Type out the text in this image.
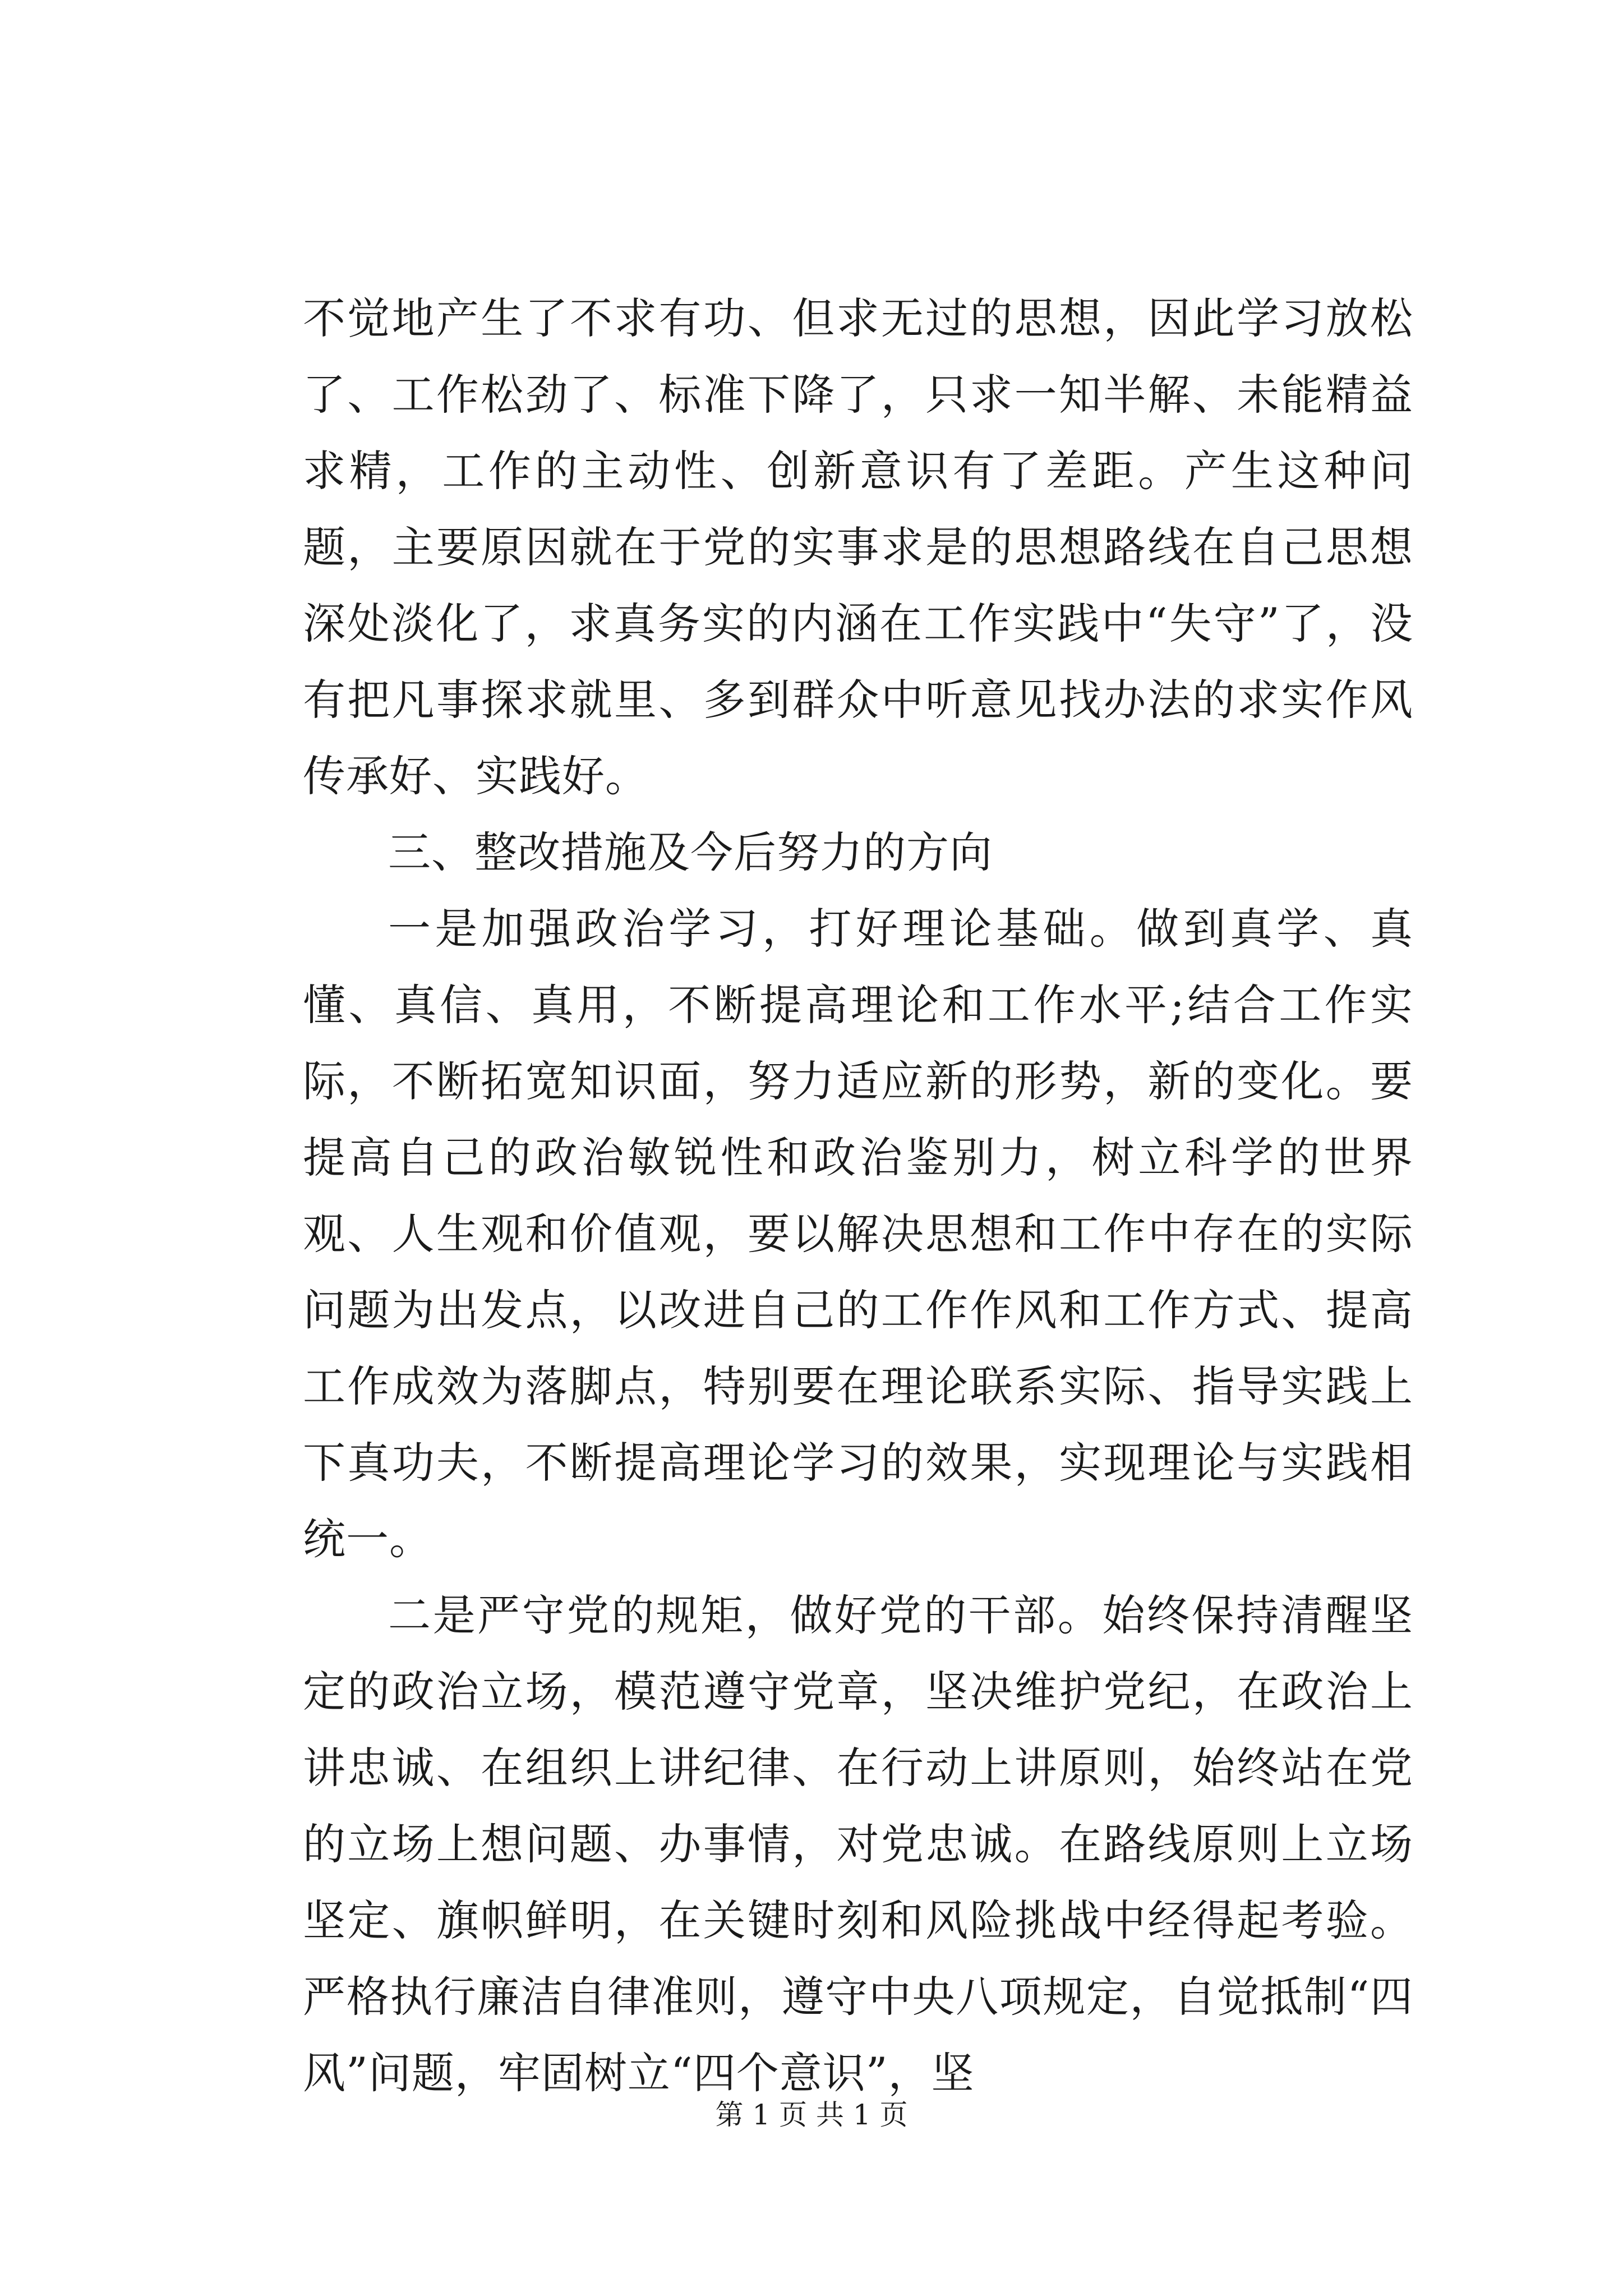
不觉地产生了不求有功、但求无过的思想，因此学习放松了、工作松劲了、标准下降了，只求一知半解、未能精益求精，工作的主动性、创新意识有了差距。产生这种问题，主要原因就在于党的实事求是的思想路线在自己思想深处淡化了，求真务实的内涵在工作实践中“失守”了，没有把凡事探求就里、多到群众中听意见找办法的求实作风传承好、实践好。

三、整改措施及今后努力的方向

一是加强政治学习，打好理论基础。做到真学、真懂、真信、真用，不断提高理论和工作水平;结合工作实际，不断拓宽知识面，努力适应新的形势，新的变化。要提高自己的政治敏锐性和政治鉴别力，树立科学的世界观、人生观和价值观，要以解决思想和工作中存在的实际问题为出发点，以改进自己的工作作风和工作方式、提高工作成效为落脚点，特别要在理论联系实际、指导实践上下真功夫，不断提高理论学习的效果，实现理论与实践相统一。

二是严守党的规矩，做好党的干部。始终保持清醒坚定的政治立场，模范遵守党章，坚决维护党纪，在政治上讲忠诚、在组织上讲纪律、在行动上讲原则，始终站在党的立场上想问题、办事情，对党忠诚。在路线原则上立场坚定、旗帜鲜明，在关键时刻和风险挑战中经得起考验。严格执行廉洁自律准则，遵守中央八项规定，自觉抵制“四风”问题，牢固树立“四个意识”，坚

第 1 页 共 1 页
